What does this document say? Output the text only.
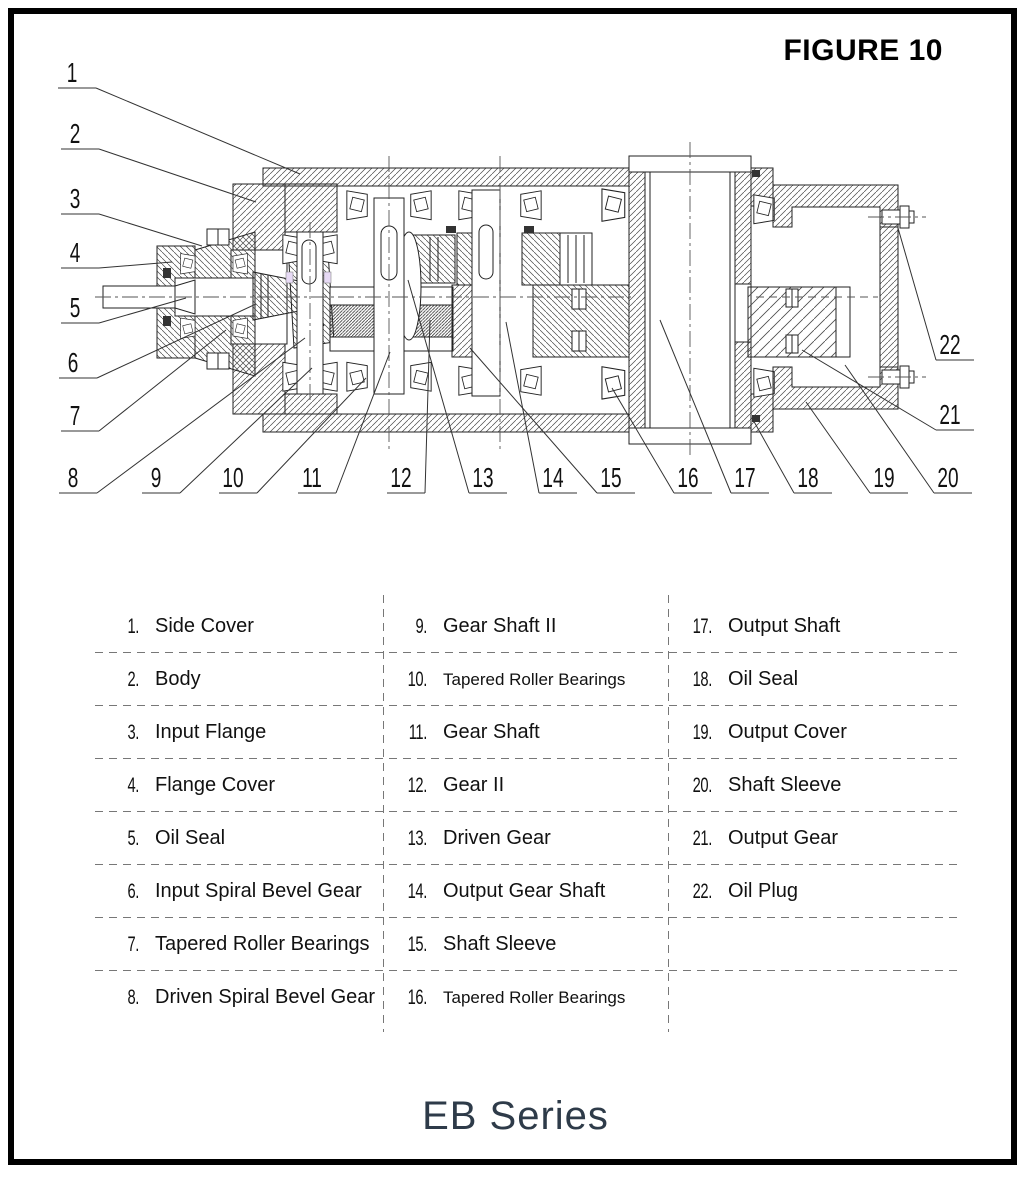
FIGURE 10
1
2
3
4
5
6
7
8	9 10 11 12 13 14 15 16 17 18 19 20
21
22
1. Side Cover	9. Gear Shaft II	17. Output Shaft
2. Body	10. Tapered Roller Bearings	18. Oil Seal
3. Input Flange	11. Gear Shaft	19. Output Cover
4. Flange Cover	12. Gear II	20. Shaft Sleeve
5. Oil Seal	13. Driven Gear	21. Output Gear
6. Input Spiral Bevel Gear	14. Output Gear Shaft	22. Oil Plug
7. Tapered Roller Bearings	15. Shaft Sleeve
8. Driven Spiral Bevel Gear	16. Tapered Roller Bearings
EB Series
